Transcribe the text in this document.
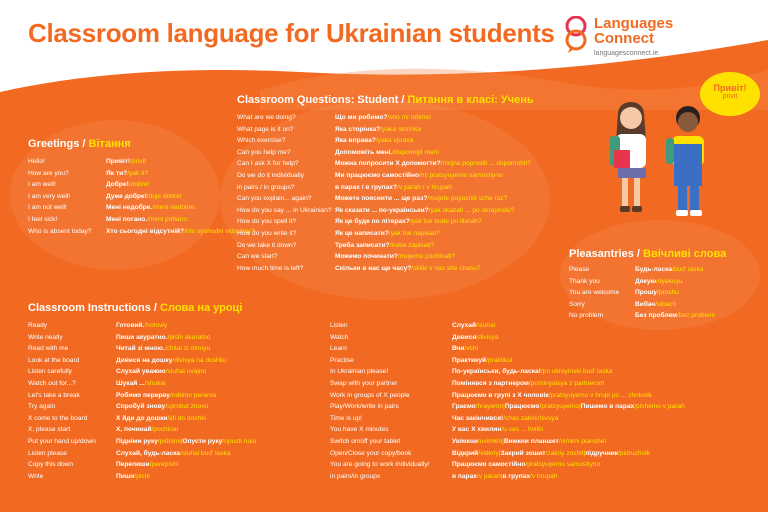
Classroom language for Ukrainian students	Languages
Connect
languagesconnect.ie
Привіт!
privit
Greetings / Вітання
Hello!	Привіт! / privit
How are you?	Як ти? / yak ti?
I am well!	Добре! / dobre!
I am very well!	Дуже добре! / duje dobre!
I am not well!	Мені недобре. / meni nedobre.
I feel sick!	Мені погано. / meni pohano.
Who is absent today?	Хто сьогодні відсутній? / hto syohodni vidsutniy?
Classroom Questions: Student / Питання в класі: Учень
What are we doing?	Що ми робимо? / sho mi robimo
What page is it on?	Яка сторінка? / yaka storinka
Which exercise?	Яка вправа? / yaka vprava
Can you help me?	Допоможіть мені. / dopomojit meni
Can I ask X for help?	Можна попросити Х допомогти? / mojna poprositi ... dopomohti?
Do we do it individually	Ми працюємо самостійно / mi pratsyuyemo samostiyno
in pairs / in groups?	в парах / в групах? / v parah / v hrupah
Can you explain... again?	Можете пояснити ... ще раз? / mojete poyasniti sche raz?
How do you say ... in Ukrainian? Як сказати ... по-українськи? / yak skazati ... po ukrayinski?
How do you spell it?	Як це буде по літерах? / yak tse bude po literah?
How do you write it?	Як це написати? / yak tse napisati?
Do we take it down?	Треба записати? / treba zapisati?
Can we start?	Можемо починати? / mojemo pochinati?
How much time is left?	Скільки в нас ще часу? / skilki v nas she chasu?
Pleasantries / Ввічливі слова
Please	Будь-ласка / bud' laska
Thank you	Дякую / dyakuyu
You are welcome	Прошу / proshu
Sorry	Вибач / vibach
No problem	Без проблем / bez problem
Classroom Instructions / Слова на уроці
Ready	Готовий. / hotoviy
Write neatly	Пиши акуратно. / pishi akuratno
Read with me	Читай зі мною. / chitai zi mnoyu
Look at the board	Дивися на дошку / divisya na doshku
Listen carefully	Слухай уважно / sluhai uvajno
Watch out for...?	Шукай ... / shukai
Let's take a break	Робимо перерву / robimo pererva
Try again	Спробуй знову / sprobui znovu
X come to the board	Х йди до дошки / idi do doshki
X, please start	Х, починай / pochinai
Put your hand up/down	Підніми руку / pidnimi | Опусти руку / opusti ruku
Listen please	Слухай, будь-ласка / sluhai bud' laska
Copy this down	Перепиши / perepishi
Write	Пиши / pishi
Listen	Слухай / sluhai
Watch	Дивися / divisya
Learn	Вчи / vchi
Practise	Практикуй / praktikui
In Ukrainian please!	По-українськи, будь-ласка! / po ukrayinski bud' laska
Swap with your partner	Помінявся з партнером / pominyaisya z partnerom
Work in groups of X people	Працюємо в групі з Х чоловік / pratsyuyemo v hrupi po ... cholovik
Play/Work/write in pairs	Граємо / hrayemo | Працюємо / pratsyuyemo | Пишемо в парах / pishemo v parah
Time is up!	Час закінчився! / chas zakinchivsya
You have X minutes	У вас Х хвилин / u vas ... hvilin
Switch on/off your tablet	Увімкни / uvimkni | Вимкни планшет / vimkni planshet
Open/Close your copy/book	Відкрий / vidkriy | Закрий зошит / zakriy zoshit | підручник / pidruchnik
You are going to work individually/	Працюємо самостійно / pratsyuyemo samostiyno
in pairs/in groups	в парах / v parah | в групах / v hrupah
